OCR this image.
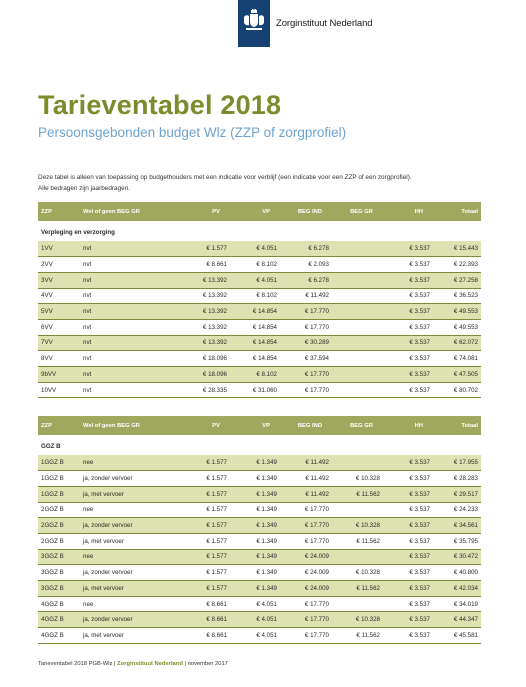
Zorginstituut Nederland
Tarieventabel 2018
Persoonsgebonden budget Wlz (ZZP of zorgprofiel)
Deze tabel is alleen van toepassing op budgethouders met een indicatie voor verblijf (een indicatie voor een ZZP of een zorgprofiel).
Alle bedragen zijn jaarbedragen.
ZZP	Wel of geen BEG GR	PV	VP	BEG IND	BEG GR	HH	Totaal
Verpleging en verzorging							
1VV	nvt	€ 1.577	€ 4.051	€ 6.278		€ 3.537	€ 15.443
2VV	nvt	€ 8.661	€ 8.102	€ 2.093		€ 3.537	€ 22.393
3VV	nvt	€ 13.392	€ 4.051	€ 6.278		€ 3.537	€ 27.258
4VV	nvt	€ 13.392	€ 8.102	€ 11.492		€ 3.537	€ 36.523
5VV	nvt	€ 13.392	€ 14.854	€ 17.770		€ 3.537	€ 49.553
6VV	nvt	€ 13.392	€ 14.854	€ 17.770		€ 3.537	€ 49.553
7VV	nvt	€ 13.392	€ 14.854	€ 30.289		€ 3.537	€ 62.072
8VV	nvt	€ 18.096	€ 14.854	€ 37.594		€ 3.537	€ 74.081
9bVV	nvt	€ 18.096	€ 8.102	€ 17.770		€ 3.537	€ 47.505
10VV	nvt	€ 28.335	€ 31.060	€ 17.770		€ 3.537	€ 80.702
ZZP	Wel of geen BEG GR	PV	VP	BEG IND	BEG GR	HH	Totaal
GGZ B							
1GGZ B	nee	€ 1.577	€ 1.349	€ 11.492		€ 3.537	€ 17.955
1GGZ B	ja, zonder vervoer	€ 1.577	€ 1.349	€ 11.492	€ 10.328	€ 3.537	€ 28.283
1GGZ B	ja, met vervoer	€ 1.577	€ 1.349	€ 11.492	€ 11.562	€ 3.537	€ 29.517
2GGZ B	nee	€ 1.577	€ 1.349	€ 17.770		€ 3.537	€ 24.233
2GGZ B	ja, zonder vervoer	€ 1.577	€ 1.349	€ 17.770	€ 10.328	€ 3.537	€ 34.561
2GGZ B	ja, met vervoer	€ 1.577	€ 1.349	€ 17.770	€ 11.562	€ 3.537	€ 35.795
3GGZ B	nee	€ 1.577	€ 1.349	€ 24.009		€ 3.537	€ 30.472
3GGZ B	ja, zonder vervoer	€ 1.577	€ 1.349	€ 24.009	€ 10.328	€ 3.537	€ 40.800
3GGZ B	ja, met vervoer	€ 1.577	€ 1.349	€ 24.009	€ 11.562	€ 3.537	€ 42.034
4GGZ B	nee	€ 8.661	€ 4.051	€ 17.770		€ 3.537	€ 34.019
4GGZ B	ja, zonder vervoer	€ 8.661	€ 4.051	€ 17.770	€ 10.328	€ 3.537	€ 44.347
4GGZ B	ja, met vervoer	€ 8.661	€ 4.051	€ 17.770	€ 11.562	€ 3.537	€ 45.581
Tarieventabel 2018 PGB-Wlz | Zorginstituut Nederland | november 2017
